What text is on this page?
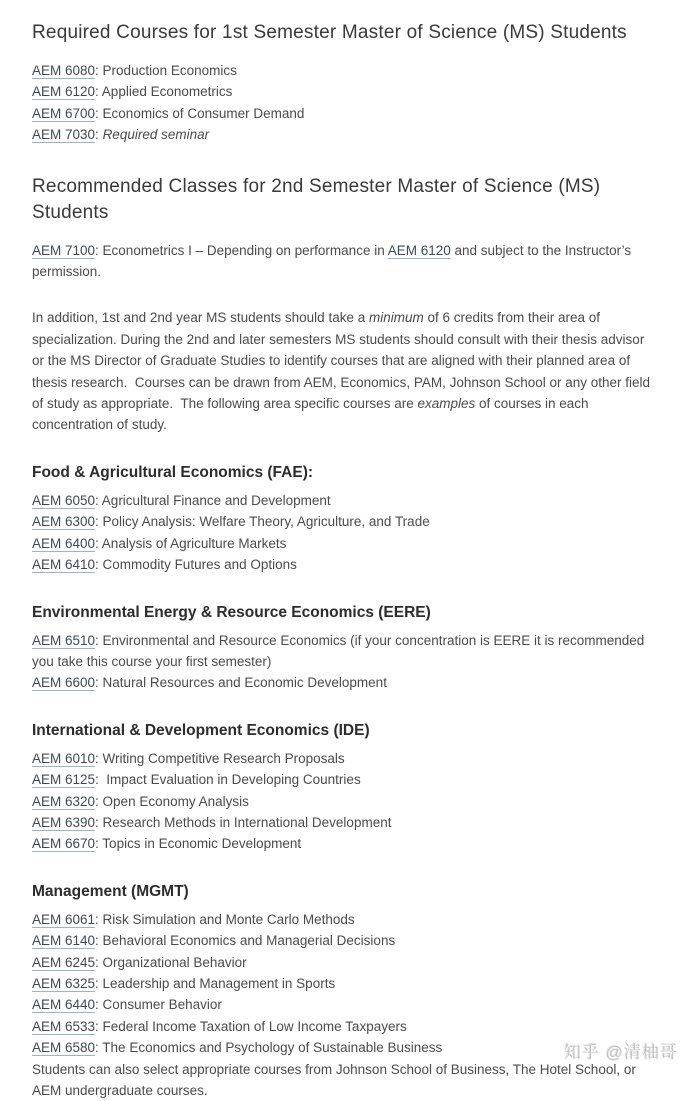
Required Courses for 1st Semester Master of Science (MS) Students
AEM 6080: Production Economics
AEM 6120: Applied Econometrics
AEM 6700: Economics of Consumer Demand
AEM 7030: Required seminar
Recommended Classes for 2nd Semester Master of Science (MS) Students

AEM 7100: Econometrics I – Depending on performance in AEM 6120 and subject to the Instructor’s permission.

In addition, 1st and 2nd year MS students should take a minimum of 6 credits from their area of specialization. During the 2nd and later semesters MS students should consult with their thesis advisor or the MS Director of Graduate Studies to identify courses that are aligned with their planned area of thesis research.  Courses can be drawn from AEM, Economics, PAM, Johnson School or any other field of study as appropriate.  The following area specific courses are examples of courses in each concentration of study.

Food & Agricultural Economics (FAE):
AEM 6050: Agricultural Finance and Development
AEM 6300: Policy Analysis: Welfare Theory, Agriculture, and Trade
AEM 6400: Analysis of Agriculture Markets
AEM 6410: Commodity Futures and Options
Environmental Energy & Resource Economics (EERE)
AEM 6510: Environmental and Resource Economics (if your concentration is EERE it is recommended you take this course your first semester)
AEM 6600: Natural Resources and Economic Development
International & Development Economics (IDE)
AEM 6010: Writing Competitive Research Proposals
AEM 6125:  Impact Evaluation in Developing Countries
AEM 6320: Open Economy Analysis
AEM 6390: Research Methods in International Development
AEM 6670: Topics in Economic Development
Management (MGMT)
AEM 6061: Risk Simulation and Monte Carlo Methods
AEM 6140: Behavioral Economics and Managerial Decisions
AEM 6245: Organizational Behavior
AEM 6325: Leadership and Management in Sports
AEM 6440: Consumer Behavior
AEM 6533: Federal Income Taxation of Low Income Taxpayers
AEM 6580: The Economics and Psychology of Sustainable Business

Students can also select appropriate courses from Johnson School of Business, The Hotel School, or AEM undergraduate courses.

知乎 @清柚哥
